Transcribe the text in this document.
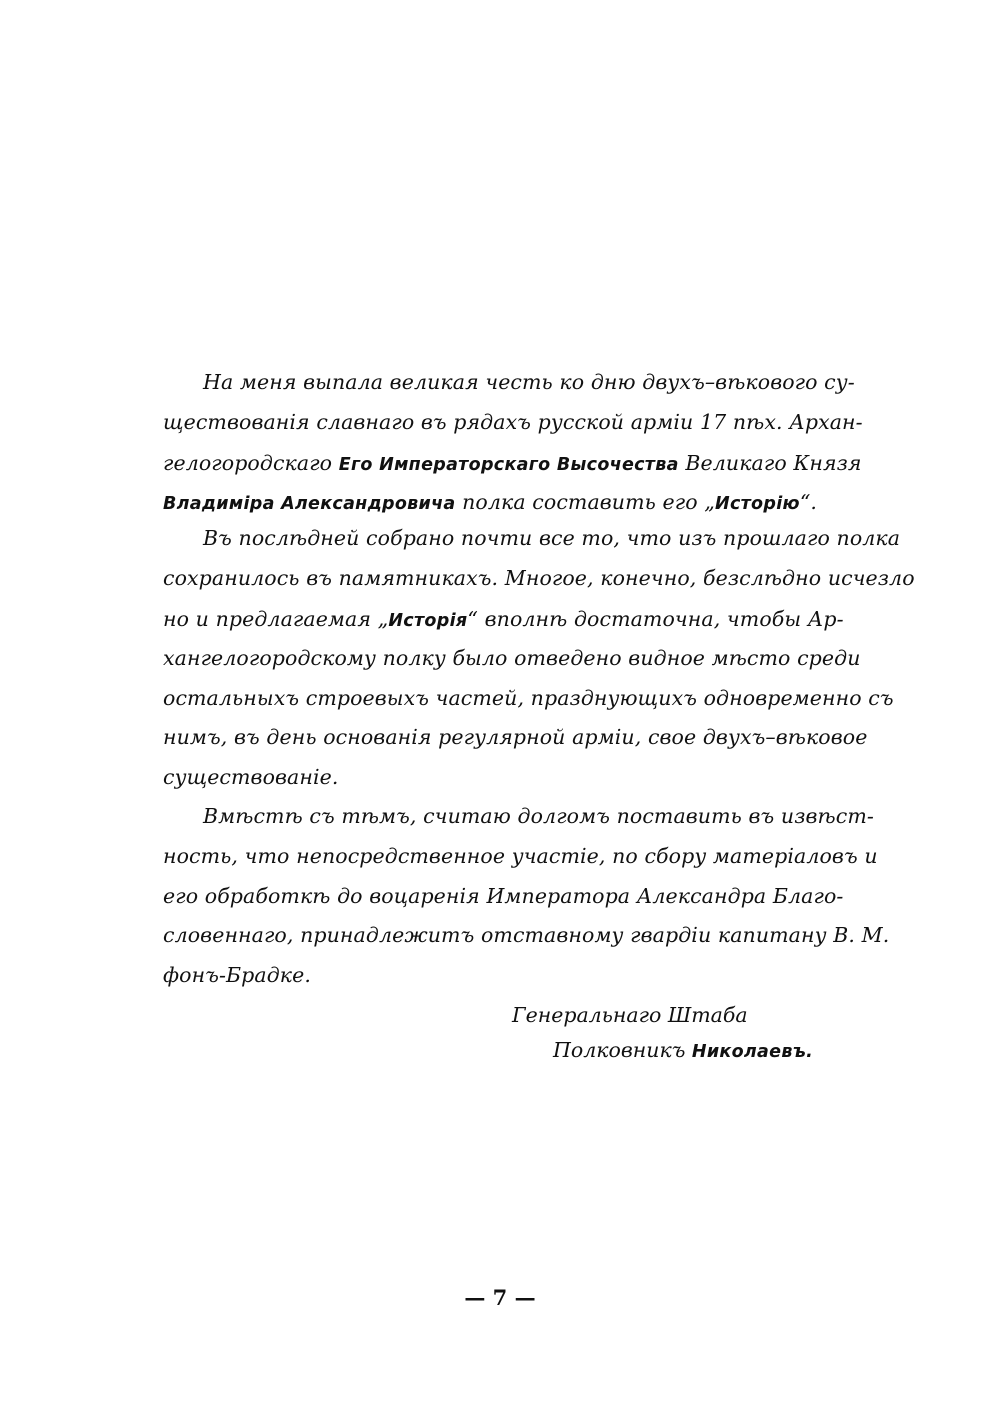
На меня выпала великая честь ко дню двухъ–вѣкового су-
ществованія славнаго въ рядахъ русской арміи 17 пѣх. Архан-
гелогородскаго Его Императорскаго Высочества Великаго Князя
Владиміра Александровича полка составить его „Исторію“.
Въ послѣдней собрано почти все то, что изъ прошлаго полка
сохранилось въ памятникахъ. Многое, конечно, безслѣдно исчезло
но и предлагаемая „Исторія“ вполнѣ достаточна, чтобы Ар-
хангелогородскому полку было отведено видное мѣсто среди
остальныхъ строевыхъ частей, празднующихъ одновременно съ
нимъ, въ день основанія регулярной арміи, свое двухъ–вѣковое
существованіе.
Вмѣстѣ съ тѣмъ, считаю долгомъ поставить въ извѣст-
ность, что непосредственное участіе, по сбору матеріаловъ и
его обработкѣ до воцаренія Императора Александра Благо-
словеннаго, принадлежитъ отставному гвардіи капитану В. М.
фонъ-Брадке.
Генеральнаго Штаба
Полковникъ Николаевъ.
— 7 —
